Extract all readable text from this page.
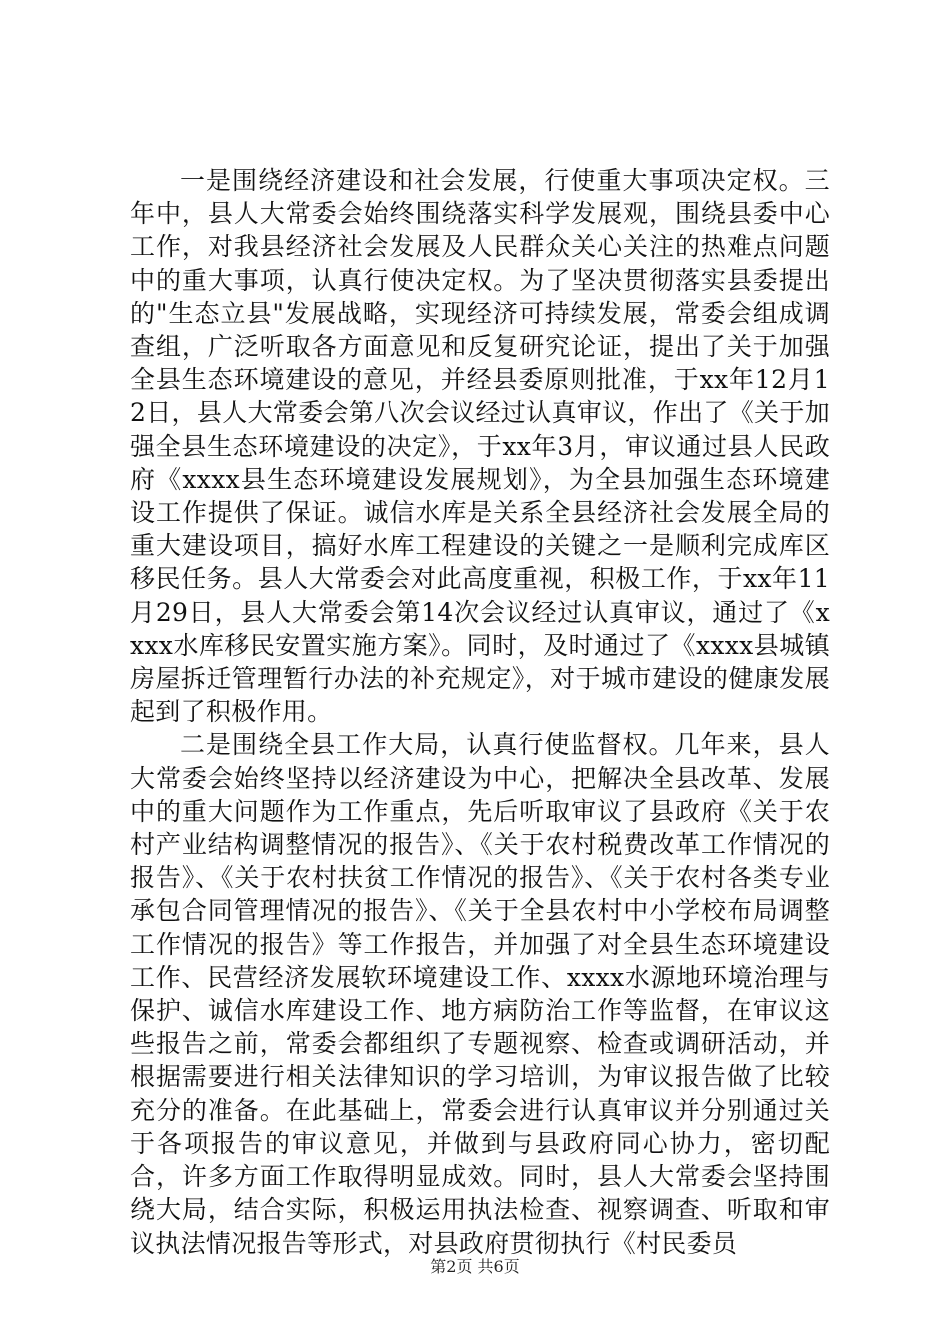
一是围绕经济建设和社会发展，行使重大事项决定权。三年中，县人大常委会始终围绕落实科学发展观，围绕县委中心工作，对我县经济社会发展及人民群众关心关注的热难点问题中的重大事项，认真行使决定权。为了坚决贯彻落实县委提出的"生态立县"发展战略，实现经济可持续发展，常委会组成调查组，广泛听取各方面意见和反复研究论证，提出了关于加强全县生态环境建设的意见，并经县委原则批准，于xx年12月12日，县人大常委会第八次会议经过认真审议，作出了《关于加强全县生态环境建设的决定》，于xx年3月，审议通过县人民政府《xxxx县生态环境建设发展规划》，为全县加强生态环境建设工作提供了保证。诚信水库是关系全县经济社会发展全局的重大建设项目，搞好水库工程建设的关键之一是顺利完成库区移民任务。县人大常委会对此高度重视，积极工作，于xx年11月29日，县人大常委会第14次会议经过认真审议，通过了《xxxx水库移民安置实施方案》。同时，及时通过了《xxxx县城镇房屋拆迁管理暂行办法的补充规定》，对于城市建设的健康发展起到了积极作用。

二是围绕全县工作大局，认真行使监督权。几年来，县人大常委会始终坚持以经济建设为中心，把解决全县改革、发展中的重大问题作为工作重点，先后听取审议了县政府《关于农村产业结构调整情况的报告》、《关于农村税费改革工作情况的报告》、《关于农村扶贫工作情况的报告》、《关于农村各类专业承包合同管理情况的报告》、《关于全县农村中小学校布局调整工作情况的报告》等工作报告，并加强了对全县生态环境建设工作、民营经济发展软环境建设工作、xxxx水源地环境治理与保护、诚信水库建设工作、地方病防治工作等监督，在审议这些报告之前，常委会都组织了专题视察、检查或调研活动，并根据需要进行相关法律知识的学习培训，为审议报告做了比较充分的准备。在此基础上，常委会进行认真审议并分别通过关于各项报告的审议意见，并做到与县政府同心协力，密切配合，许多方面工作取得明显成效。同时，县人大常委会坚持围绕大局，结合实际，积极运用执法检查、视察调查、听取和审议执法情况报告等形式，对县政府贯彻执行《村民委员

第2页 共6页
